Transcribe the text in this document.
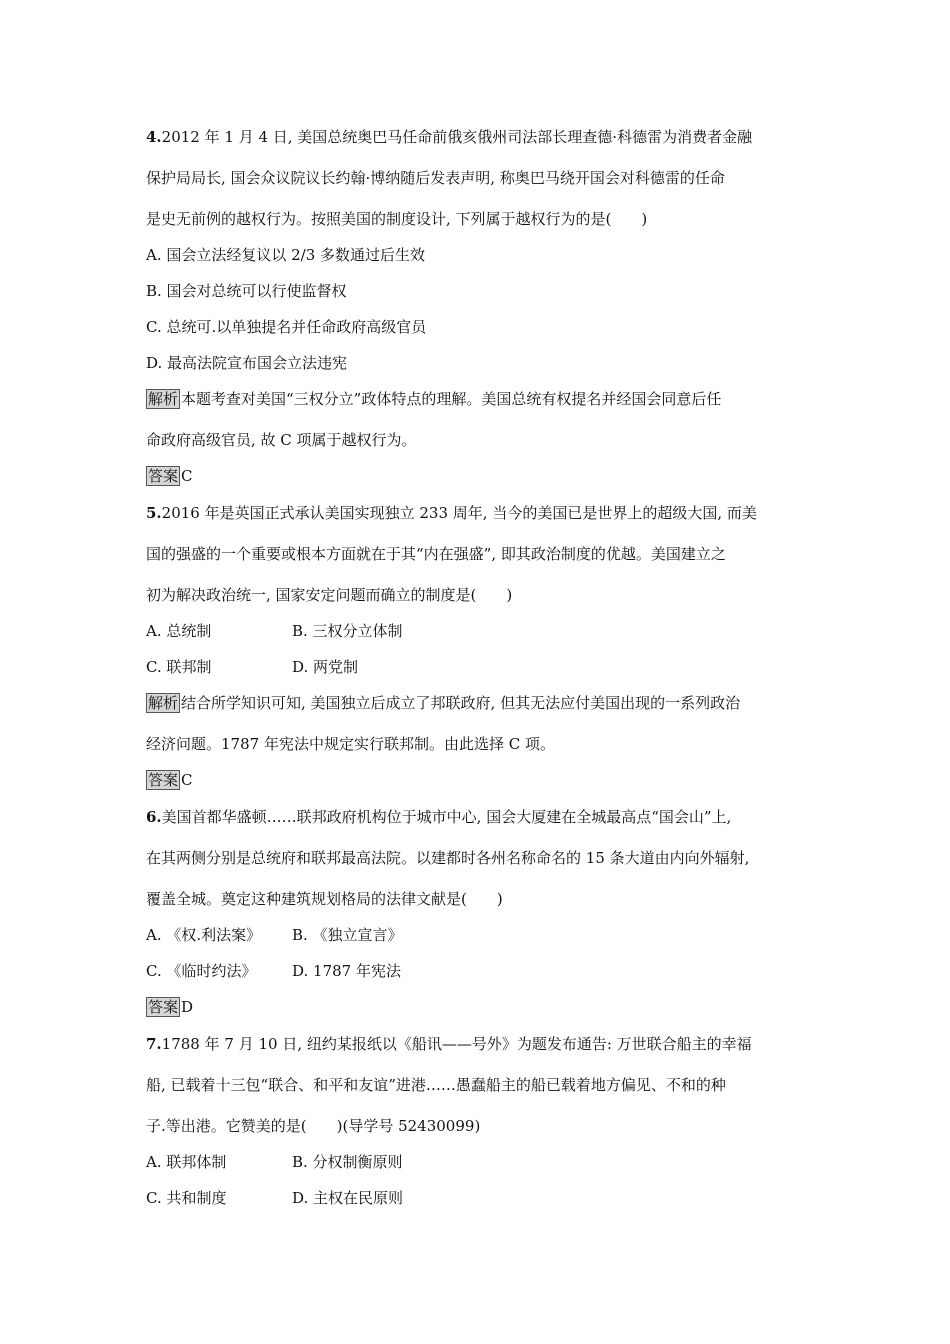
4.2012 年 1 月 4 日, 美国总统奥巴马任命前俄亥俄州司法部长理查德·科德雷为消费者金融
保护局局长, 国会众议院议长约翰·博纳随后发表声明, 称奥巴马绕开国会对科德雷的任命
是史无前例的越权行为。按照美国的制度设计, 下列属于越权行为的是(　　)
A. 国会立法经复议以 2/3 多数通过后生效
B. 国会对总统可以行使监督权
C. 总统可.以单独提名并任命政府高级官员
D. 最高法院宣布国会立法违宪
解析 本题考查对美国“三权分立”政体特点的理解。美国总统有权提名并经国会同意后任
命政府高级官员, 故 C 项属于越权行为。
答案 C
5.2016 年是英国正式承认美国实现独立 233 周年, 当今的美国已是世界上的超级大国, 而美
国的强盛的一个重要或根本方面就在于其“内在强盛”, 即其政治制度的优越。美国建立之
初为解决政治统一, 国家安定问题而确立的制度是(　　)
A. 总统制	B. 三权分立体制
C. 联邦制	D. 两党制
解析 结合所学知识可知, 美国独立后成立了邦联政府, 但其无法应付美国出现的一系列政治
经济问题。1787 年宪法中规定实行联邦制。由此选择 C 项。
答案 C
6.美国首都华盛顿……联邦政府机构位于城市中心, 国会大厦建在全城最高点“国会山”上,
在其两侧分别是总统府和联邦最高法院。以建都时各州名称命名的 15 条大道由内向外辐射,
覆盖全城。奠定这种建筑规划格局的法律文献是(　　)
A. 《权.利法案》 B. 《独立宣言》
C. 《临时约法》 D. 1787 年宪法
答案 D
7.1788 年 7 月 10 日, 纽约某报纸以《船讯——号外》为题发布通告: 万世联合船主的幸福
船, 已载着十三包“联合、和平和友谊”进港……愚蠢船主的船已载着地方偏见、不和的种
子.等出港。它赞美的是(　　)(导学号 52430099)
A. 联邦体制	B. 分权制衡原则
C. 共和制度	D. 主权在民原则
